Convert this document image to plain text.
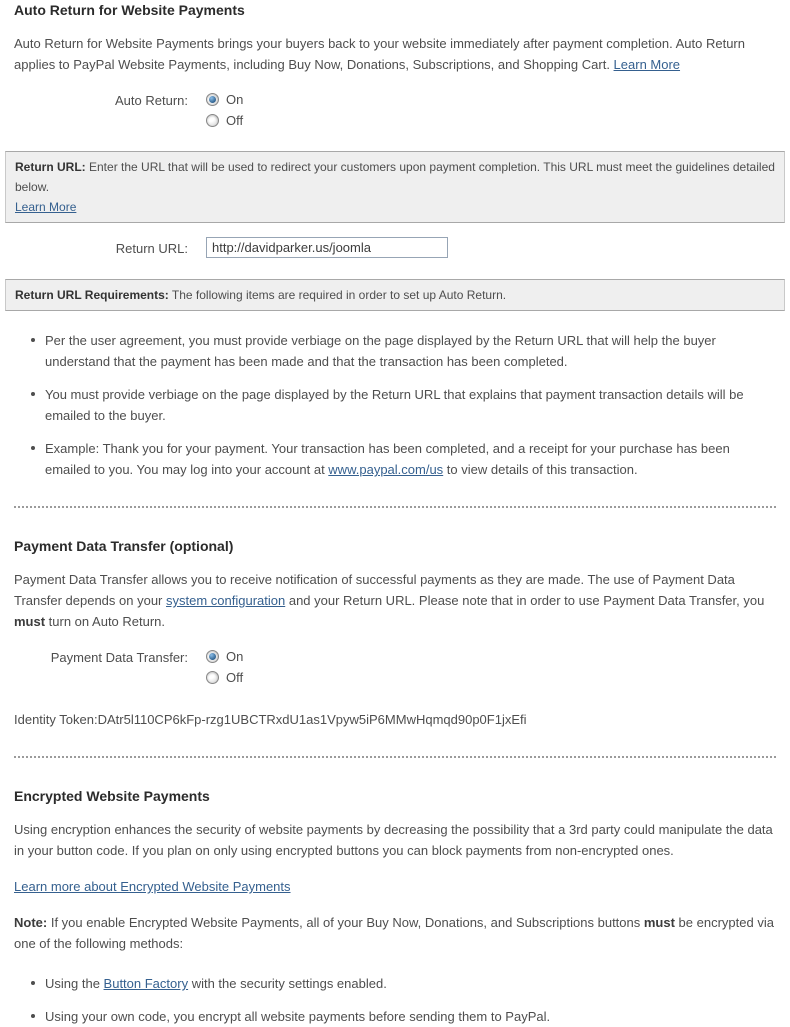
Auto Return for Website Payments

Auto Return for Website Payments brings your buyers back to your website immediately after payment completion. Auto Return applies to PayPal Website Payments, including Buy Now, Donations, Subscriptions, and Shopping Cart. Learn More

Auto Return:	On
Off
Return URL: Enter the URL that will be used to redirect your customers upon payment completion. This URL must meet the guidelines detailed below.
Learn More
Return URL:
http://davidparker.us/joomla
Return URL Requirements: The following items are required in order to set up Auto Return.
Per the user agreement, you must provide verbiage on the page displayed by the Return URL that will help the buyer understand that the payment has been made and that the transaction has been completed.
You must provide verbiage on the page displayed by the Return URL that explains that payment transaction details will be emailed to the buyer.
Example: Thank you for your payment. Your transaction has been completed, and a receipt for your purchase has been emailed to you. You may log into your account at www.paypal.com/us to view details of this transaction.
Payment Data Transfer (optional)

Payment Data Transfer allows you to receive notification of successful payments as they are made. The use of Payment Data Transfer depends on your system configuration and your Return URL. Please note that in order to use Payment Data Transfer, you must turn on Auto Return.

Payment Data Transfer:	On
Off

Identity Token:DAtr5l110CP6kFp-rzg1UBCTRxdU1as1Vpyw5iP6MMwHqmqd90p0F1jxEfi

Encrypted Website Payments

Using encryption enhances the security of website payments by decreasing the possibility that a 3rd party could manipulate the data in your button code. If you plan on only using encrypted buttons you can block payments from non-encrypted ones.

Learn more about Encrypted Website Payments

Note: If you enable Encrypted Website Payments, all of your Buy Now, Donations, and Subscriptions buttons must be encrypted via one of the following methods:

Using the Button Factory with the security settings enabled.
Using your own code, you encrypt all website payments before sending them to PayPal.
